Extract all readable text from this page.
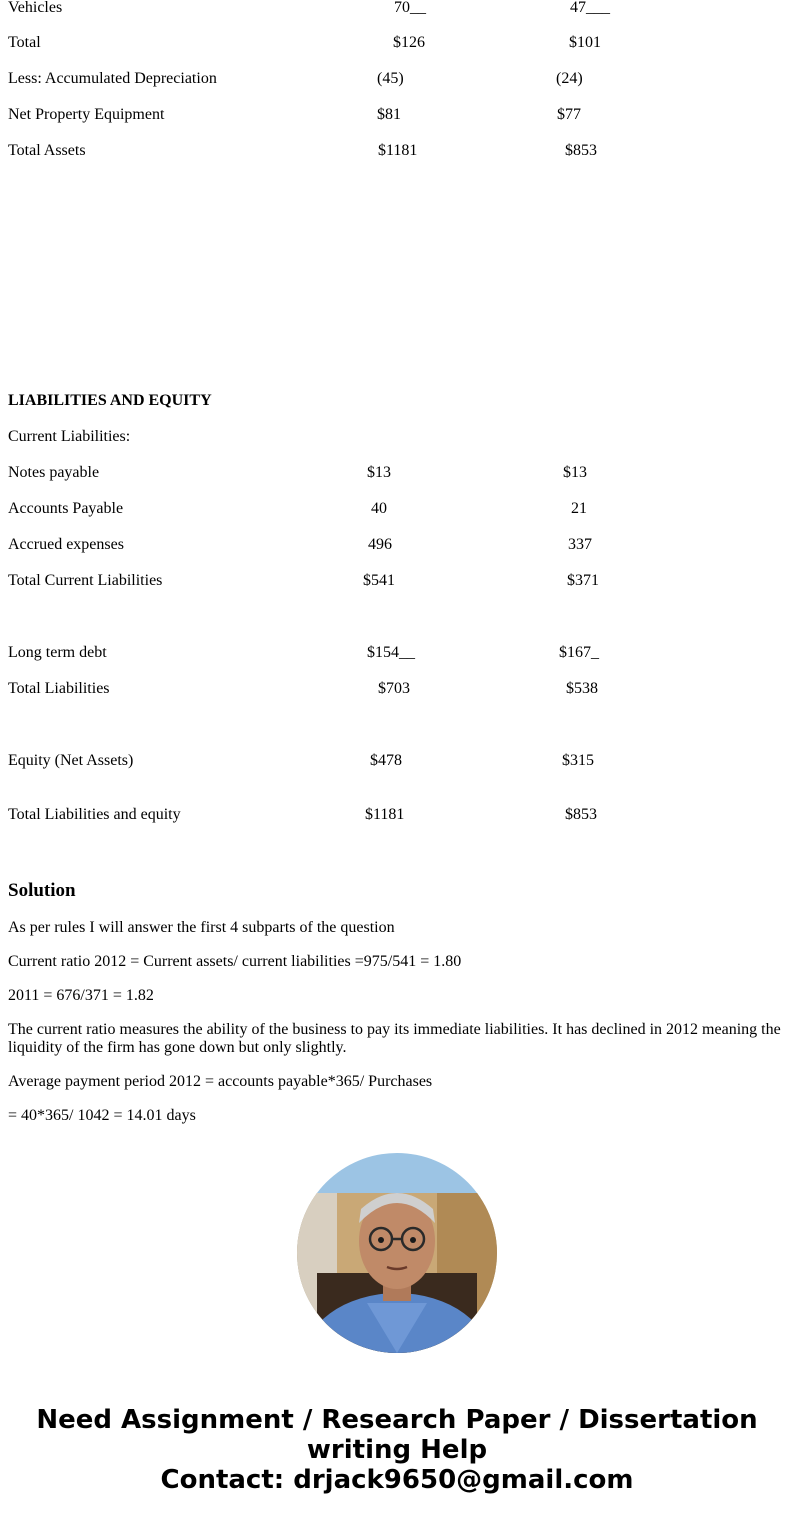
Vehicles	70__	47___
Total	$126	$101
Less: Accumulated Depreciation	(45)	(24)
Net Property Equipment	$81	$77
Total Assets	$1181	$853
LIABILITIES AND EQUITY
Current Liabilities:
Notes payable	$13	$13
Accounts Payable	40	21
Accrued expenses	496	337
Total Current Liabilities	$541	$371
Long term debt	$154__	$167_
Total Liabilities	$703	$538
Equity (Net Assets)	$478	$315
Total Liabilities and equity	$1181	$853
Solution
As per rules I will answer the first 4 subparts of the question
Current ratio 2012 = Current assets/ current liabilities =975/541 = 1.80
2011 = 676/371 = 1.82
The current ratio measures the ability of the business to pay its immediate liabilities. It has declined in 2012 meaning the liquidity of the firm has gone down but only slightly.
Average payment period 2012 = accounts payable*365/ Purchases
= 40*365/ 1042 = 14.01 days
Need Assignment / Research Paper / Dissertation
writing Help
Contact: drjack9650@gmail.com
